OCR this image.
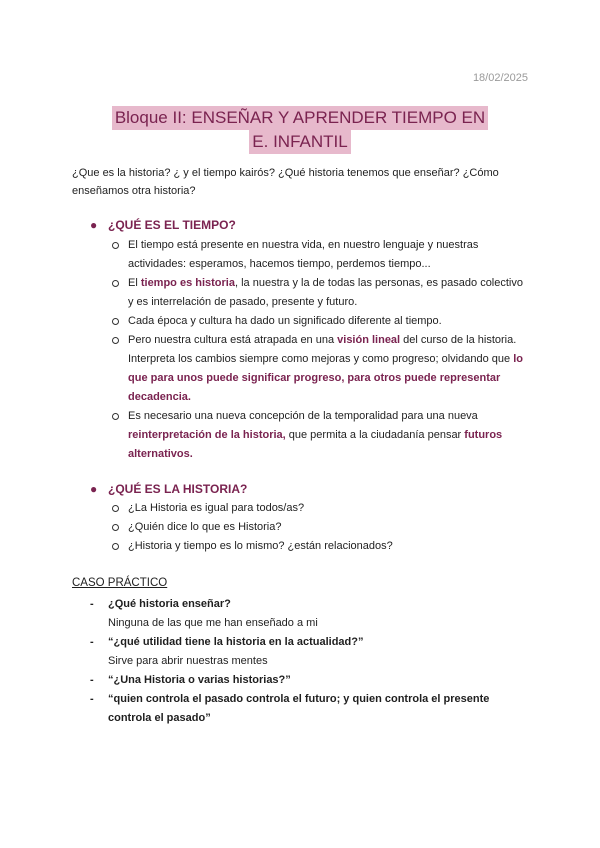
18/02/2025
Bloque II: ENSEÑAR Y APRENDER TIEMPO EN
E. INFANTIL
¿Que es la historia? ¿ y el tiempo kairós? ¿Qué historia tenemos que enseñar? ¿Cómo enseñamos otra historia?
● ¿QUÉ ES EL TIEMPO?
El tiempo está presente en nuestra vida, en nuestro lenguaje y nuestras actividades: esperamos, hacemos tiempo, perdemos tiempo...
El tiempo es historia, la nuestra y la de todas las personas, es pasado colectivo y es interrelación de pasado, presente y futuro.
Cada época y cultura ha dado un significado diferente al tiempo.
Pero nuestra cultura está atrapada en una visión lineal del curso de la historia. Interpreta los cambios siempre como mejoras y como progreso; olvidando que lo que para unos puede significar progreso, para otros puede representar decadencia.
Es necesario una nueva concepción de la temporalidad para una nueva reinterpretación de la historia, que permita a la ciudadanía pensar futuros alternativos.
● ¿QUÉ ES LA HISTORIA?
¿La Historia es igual para todos/as?
¿Quién dice lo que es Historia?
¿Historia y tiempo es lo mismo? ¿están relacionados?
CASO PRÁCTICO
- ¿Qué historia enseñar?
Ninguna de las que me han enseñado a mi
- “¿qué utilidad tiene la historia en la actualidad?”
Sirve para abrir nuestras mentes
- “¿Una Historia o varias historias?”
- “quien controla el pasado controla el futuro; y quien controla el presente controla el pasado”
